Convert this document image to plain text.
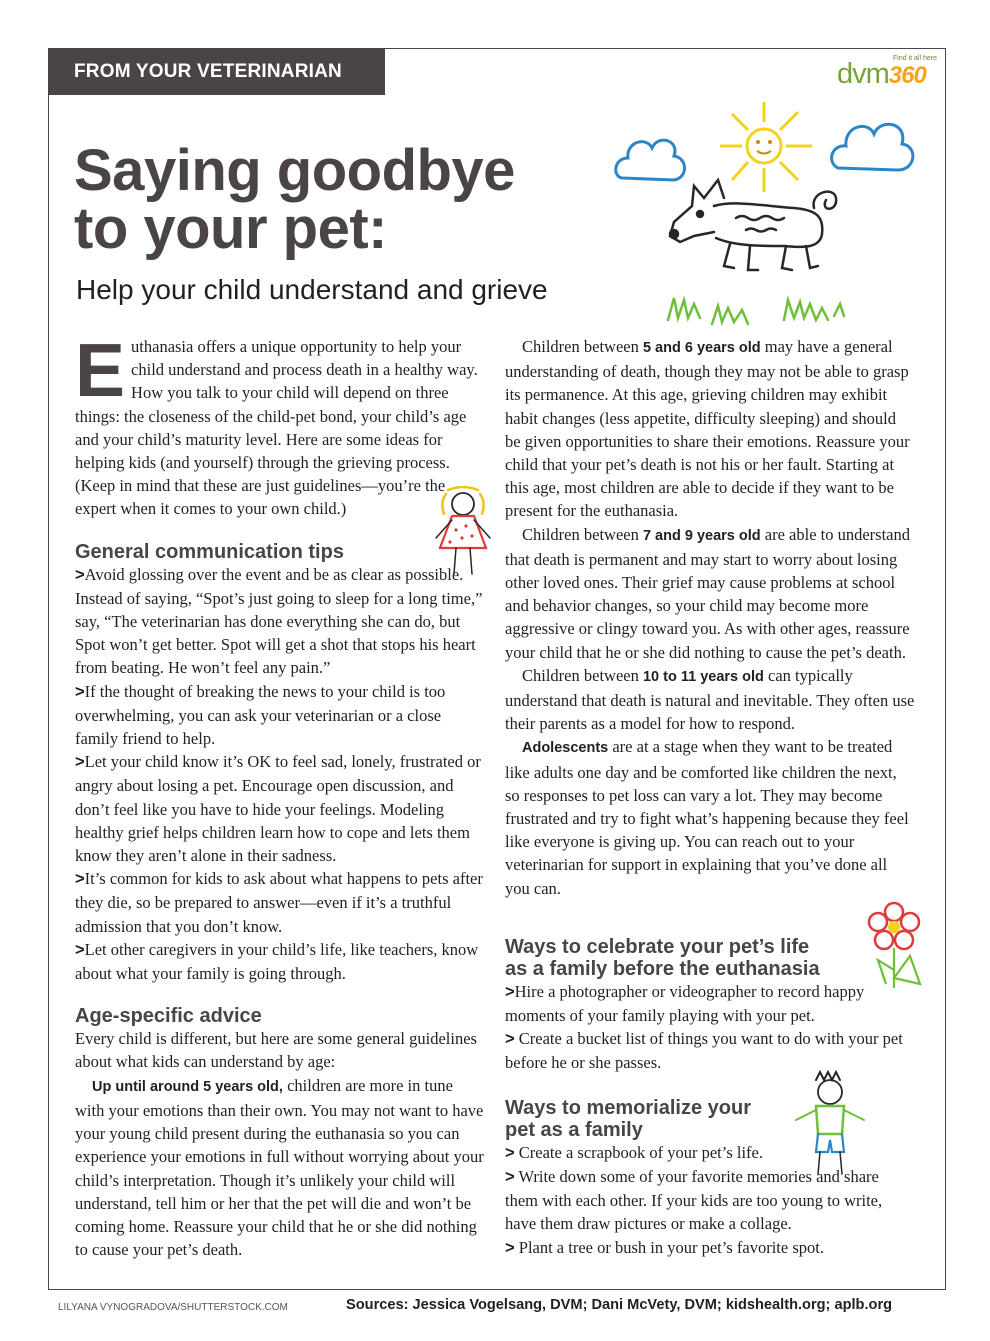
FROM YOUR VETERINARIAN
Find it all here
dvm360
Saying goodbye
to your pet:
Help your child understand and grieve

Euthanasia offers a unique opportunity to help your child understand and process death in a healthy way. How you talk to your child will depend on three things: the closeness of the child-pet bond, your child’s age and your child’s maturity level. Here are some ideas for helping kids (and yourself) through the grieving process. (Keep in mind that these are just guidelines—you’re the expert when it comes to your own child.)

General communication tips

>Avoid glossing over the event and be as clear as possible. Instead of saying, “Spot’s just going to sleep for a long time,” say, “The veterinarian has done everything she can do, but Spot won’t get better. Spot will get a shot that stops his heart from beating. He won’t feel any pain.”

>If the thought of breaking the news to your child is too overwhelming, you can ask your veterinarian or a close family friend to help.

>Let your child know it’s OK to feel sad, lonely, frustrated or angry about losing a pet. Encourage open discussion, and don’t feel like you have to hide your feelings. Modeling healthy grief helps children learn how to cope and lets them know they aren’t alone in their sadness.

>It’s common for kids to ask about what happens to pets after they die, so be prepared to answer—even if it’s a truthful admission that you don’t know.

>Let other caregivers in your child’s life, like teachers, know about what your family is going through.

Age-specific advice

Every child is different, but here are some general guidelines about what kids can understand by age:

Up until around 5 years old, children are more in tune with your emotions than their own. You may not want to have your young child present during the euthanasia so you can experience your emotions in full without worrying about your child’s interpretation. Though it’s unlikely your child will understand, tell him or her that the pet will die and won’t be coming home. Reassure your child that he or she did nothing to cause your pet’s death.

Children between 5 and 6 years old may have a general understanding of death, though they may not be able to grasp its permanence. At this age, grieving children may exhibit habit changes (less appetite, difficulty sleeping) and should be given opportunities to share their emotions. Reassure your child that your pet’s death is not his or her fault. Starting at this age, most children are able to decide if they want to be present for the euthanasia.

Children between 7 and 9 years old are able to understand that death is permanent and may start to worry about losing other loved ones. Their grief may cause problems at school and behavior changes, so your child may become more aggressive or clingy toward you. As with other ages, reassure your child that he or she did nothing to cause the pet’s death.

Children between 10 to 11 years old can typically understand that death is natural and inevitable. They often use their parents as a model for how to respond.

Adolescents are at a stage when they want to be treated like adults one day and be comforted like children the next, so responses to pet loss can vary a lot. They may become frustrated and try to fight what’s happening because they feel like everyone is giving up. You can reach out to your veterinarian for support in explaining that you’ve done all you can.

Ways to celebrate your pet’s life
as a family before the euthanasia

>Hire a photographer or videographer to record happy moments of your family playing with your pet.

> Create a bucket list of things you want to do with your pet before he or she passes.

Ways to memorialize your
pet as a family

> Create a scrapbook of your pet’s life.

> Write down some of your favorite memories and share them with each other. If your kids are too young to write, have them draw pictures or make a collage.

> Plant a tree or bush in your pet’s favorite spot.

LILYANA VYNOGRADOVA/SHUTTERSTOCK.COM	Sources: Jessica Vogelsang, DVM; Dani McVety, DVM; kidshealth.org; aplb.org
